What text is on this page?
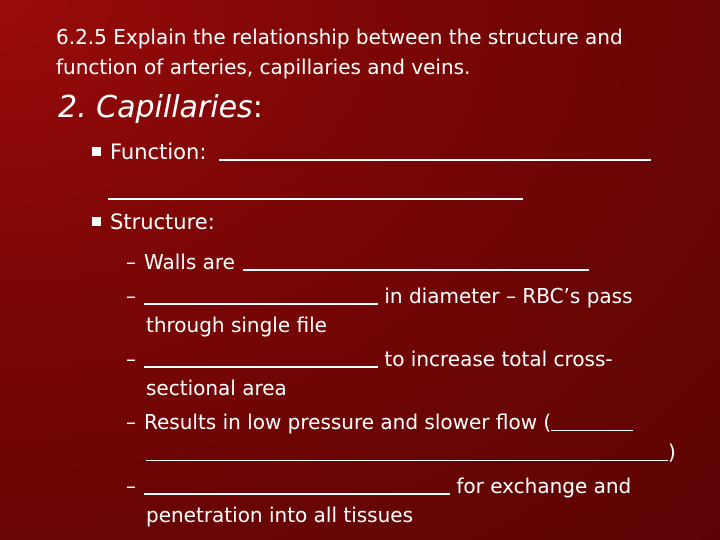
6.2.5 Explain the relationship between the structure and
function of arteries, capillaries and veins.
2. Capillaries:
Function:
Structure:
– Walls are
–	in diameter – RBC’s pass
through single file
–	to increase total cross-
sectional area
– Results in low pressure and slower flow (
)
–	for exchange and
penetration into all tissues
